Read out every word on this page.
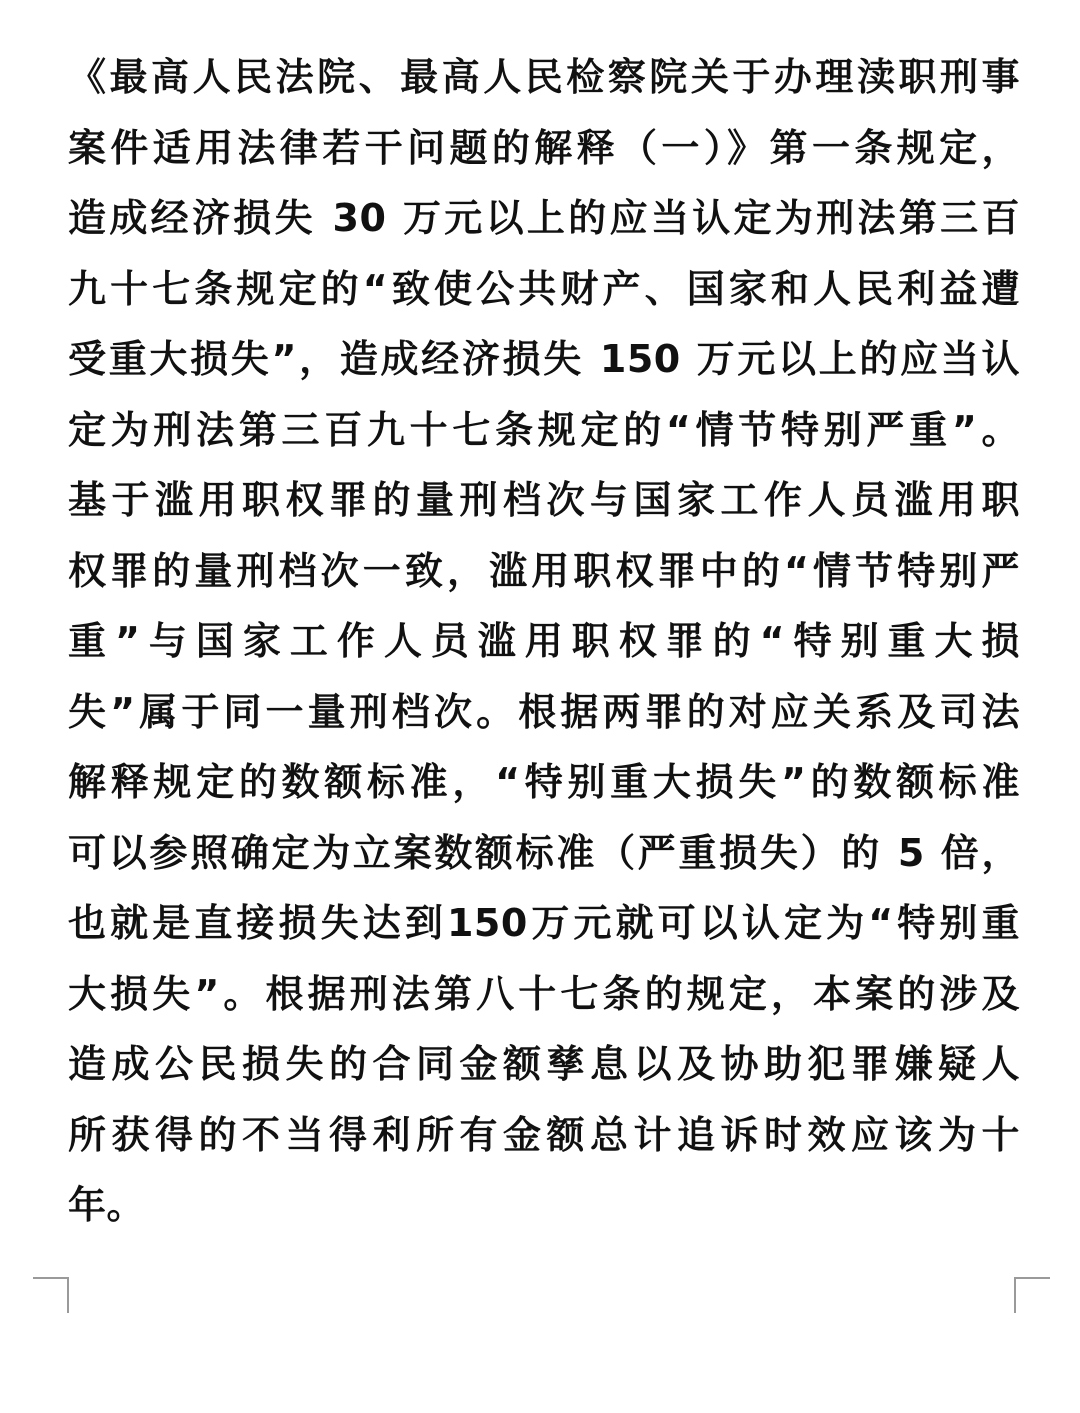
《最高人民法院、最高人民检察院关于办理渎职刑事
案件适用法律若干问题的解释（一）》第一条规定，
造成经济损失 30 万元以上的应当认定为刑法第三百
九十七条规定的“致使公共财产、国家和人民利益遭
受重大损失”，造成经济损失 150 万元以上的应当认
定为刑法第三百九十七条规定的“情节特别严重”。
基于滥用职权罪的量刑档次与国家工作人员滥用职
权罪的量刑档次一致，滥用职权罪中的“情节特别严
重”与国家工作人员滥用职权罪的“特别重大损
失”属于同一量刑档次。根据两罪的对应关系及司法
解释规定的数额标准，“特别重大损失”的数额标准
可以参照确定为立案数额标准（严重损失）的 5 倍，
也就是直接损失达到150万元就可以认定为“特别重
大损失”。根据刑法第八十七条的规定，本案的涉及
造成公民损失的合同金额孳息以及协助犯罪嫌疑人
所获得的不当得利所有金额总计追诉时效应该为十
年。
